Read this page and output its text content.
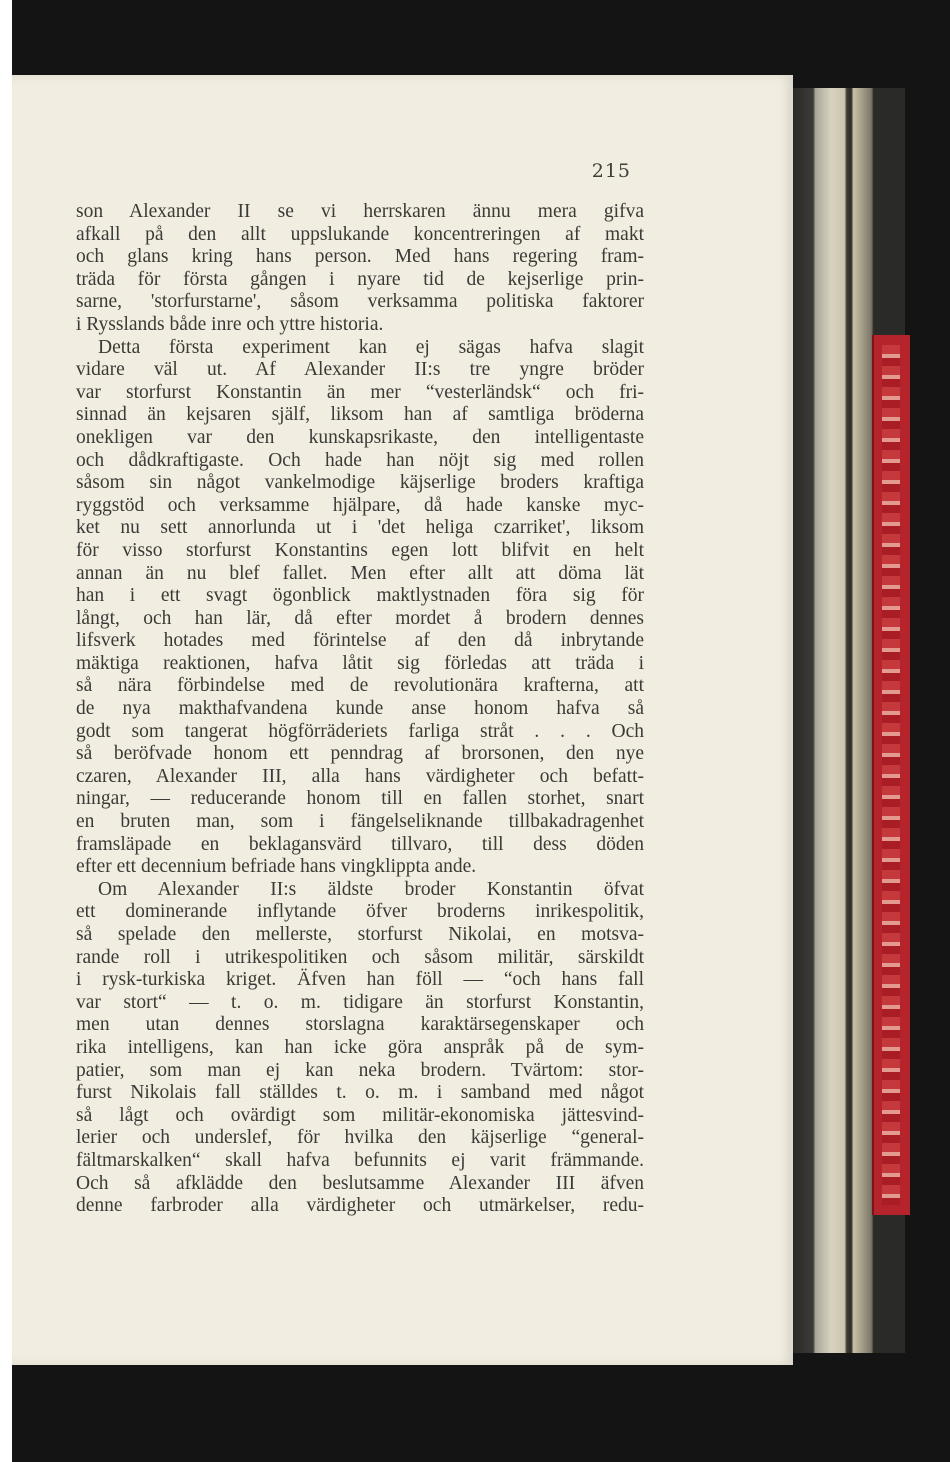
215
son Alexander II se vi herrskaren ännu mera gifva
afkall på den allt uppslukande koncentreringen af makt
och glans kring hans person. Med hans regering fram-
träda för första gången i nyare tid de kejserlige prin-
sarne, 'storfurstarne', såsom verksamma politiska faktorer
i Rysslands både inre och yttre historia.
Detta första experiment kan ej sägas hafva slagit
vidare väl ut. Af Alexander II:s tre yngre bröder
var storfurst Konstantin än mer “vesterländsk“ och fri-
sinnad än kejsaren själf, liksom han af samtliga bröderna
onekligen var den kunskapsrikaste, den intelligentaste
och dådkraftigaste. Och hade han nöjt sig med rollen
såsom sin något vankelmodige käjserlige broders kraftiga
ryggstöd och verksamme hjälpare, då hade kanske myc-
ket nu sett annorlunda ut i 'det heliga czarriket', liksom
för visso storfurst Konstantins egen lott blifvit en helt
annan än nu blef fallet. Men efter allt att döma lät
han i ett svagt ögonblick maktlystnaden föra sig för
långt, och han lär, då efter mordet å brodern dennes
lifsverk hotades med förintelse af den då inbrytande
mäktiga reaktionen, hafva låtit sig förledas att träda i
så nära förbindelse med de revolutionära krafterna, att
de nya makthafvandena kunde anse honom hafva så
godt som tangerat högförräderiets farliga stråt . . . Och
så beröfvade honom ett penndrag af brorsonen, den nye
czaren, Alexander III, alla hans värdigheter och befatt-
ningar, — reducerande honom till en fallen storhet, snart
en bruten man, som i fängelseliknande tillbakadragenhet
framsläpade en beklagansvärd tillvaro, till dess döden
efter ett decennium befriade hans vingklippta ande.
Om Alexander II:s äldste broder Konstantin öfvat
ett dominerande inflytande öfver broderns inrikespolitik,
så spelade den mellerste, storfurst Nikolai, en motsva-
rande roll i utrikespolitiken och såsom militär, särskildt
i rysk-turkiska kriget. Äfven han föll — “och hans fall
var stort“ — t. o. m. tidigare än storfurst Konstantin,
men utan dennes storslagna karaktärsegenskaper och
rika intelligens, kan han icke göra anspråk på de sym-
patier, som man ej kan neka brodern. Tvärtom: stor-
furst Nikolais fall ställdes t. o. m. i samband med något
så lågt och ovärdigt som militär-ekonomiska jättesvind-
lerier och underslef, för hvilka den käjserlige “general-
fältmarskalken“ skall hafva befunnits ej varit främmande.
Och så afklädde den beslutsamme Alexander III äfven
denne farbroder alla värdigheter och utmärkelser, redu-
